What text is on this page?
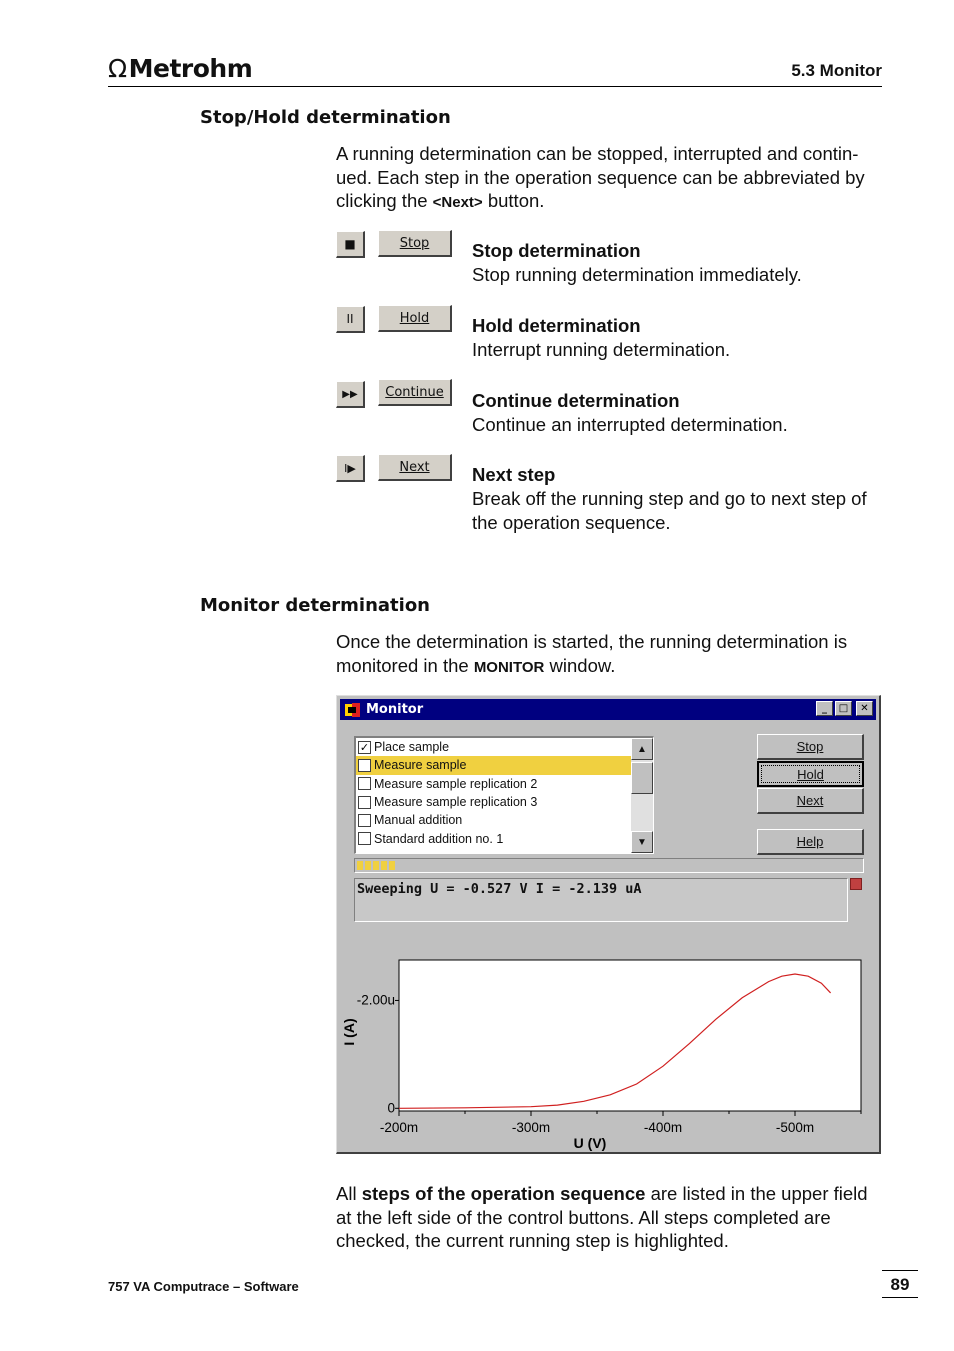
ΩMetrohm	5.3 Monitor
Stop/Hold determination
A running determination can be stopped, interrupted and contin-
ued. Each step in the operation sequence can be abbreviated by
clicking the <Next> button.
■	Stop Stop determination
Stop running determination immediately.
II	Hold Hold determination
Interrupt running determination.
▶▶ Continue Continue determination
Continue an interrupted determination.
I▶	Next Next step
Break off the running step and go to next step of
the operation sequence.
Monitor determination
Once the determination is started, the running determination is
monitored in the MONITOR window.
Monitor	_ □ ✕
✓ Place sample
Measure sample
Measure sample replication 2
Measure sample replication 3
Manual addition
Standard addition no. 1
▲
▼
Stop
Hold
Next
Help
Sweeping U = -0.527 V I = -2.139 uA
-200m	-300m	-400m	-500m
0
-2.00u
U (V)
I (A)
All steps of the operation sequence are listed in the upper field
at the left side of the control buttons. All steps completed are
checked, the current running step is highlighted.
757 VA Computrace – Software	89
